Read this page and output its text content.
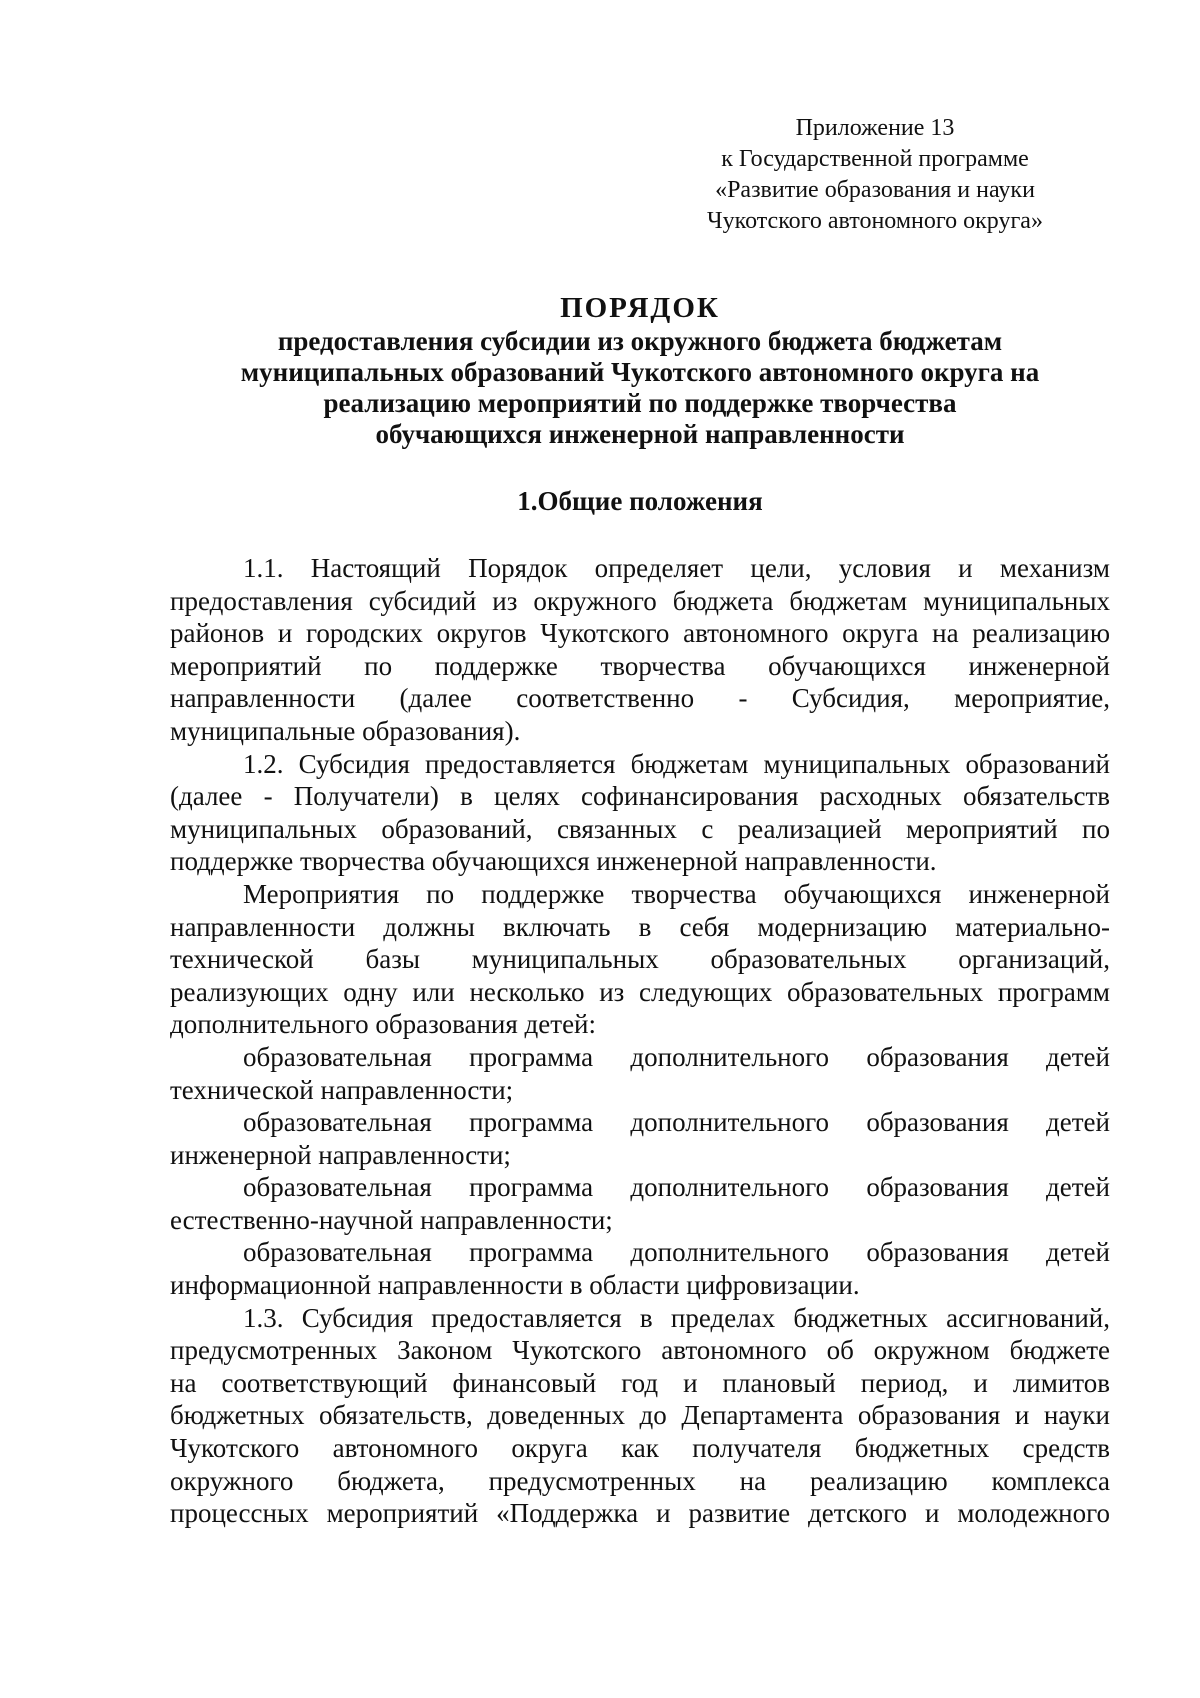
Приложение 13
к Государственной программе
«Развитие образования и науки
Чукотского автономного округа»
ПОРЯДОК
предоставления субсидии из окружного бюджета бюджетам
муниципальных образований Чукотского автономного округа на
реализацию мероприятий по поддержке творчества
обучающихся инженерной направленности
1.Общие положения
1.1. Настоящий Порядок определяет цели, условия и механизм
предоставления субсидий из окружного бюджета бюджетам муниципальных
районов и городских округов Чукотского автономного округа на реализацию
мероприятий по поддержке творчества обучающихся инженерной
направленности (далее соответственно - Субсидия, мероприятие,
муниципальные образования).
1.2. Субсидия предоставляется бюджетам муниципальных образований
(далее - Получатели) в целях софинансирования расходных обязательств
муниципальных образований, связанных с реализацией мероприятий по
поддержке творчества обучающихся инженерной направленности.
Мероприятия по поддержке творчества обучающихся инженерной
направленности должны включать в себя модернизацию материально-
технической базы муниципальных образовательных организаций,
реализующих одну или несколько из следующих образовательных программ
дополнительного образования детей:
образовательная программа дополнительного образования детей
технической направленности;
образовательная программа дополнительного образования детей
инженерной направленности;
образовательная программа дополнительного образования детей
естественно-научной направленности;
образовательная программа дополнительного образования детей
информационной направленности в области цифровизации.
1.3. Субсидия предоставляется в пределах бюджетных ассигнований,
предусмотренных Законом Чукотского автономного об окружном бюджете
на соответствующий финансовый год и плановый период, и лимитов
бюджетных обязательств, доведенных до Департамента образования и науки
Чукотского автономного округа как получателя бюджетных средств
окружного бюджета, предусмотренных на реализацию комплекса
процессных мероприятий «Поддержка и развитие детского и молодежного
